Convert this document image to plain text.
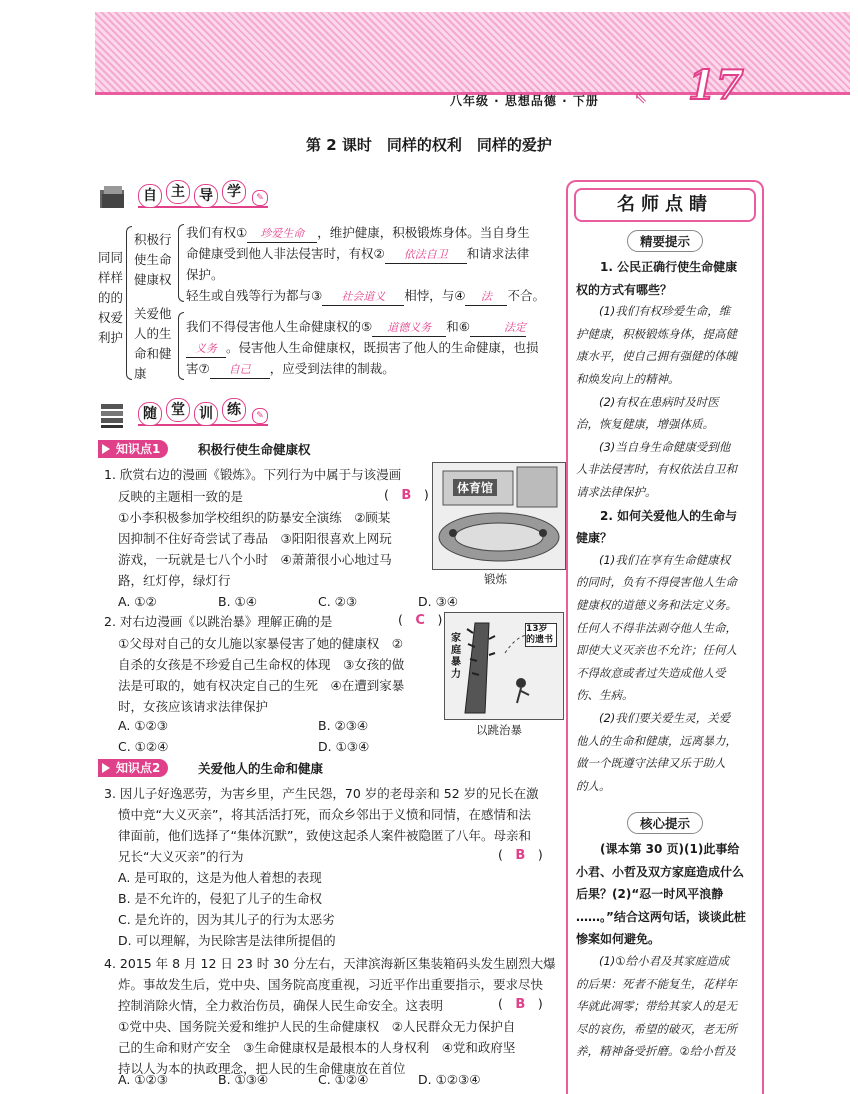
八年级 · 思想品德 · 下册 ⇖ 17
第 2 课时　同样的权利　同样的爱护
自	主	导	学	✎
同同
样样
的的
权爱
利护
积极行
使生命
健康权
关爱他
人的生
命和健
康
我们有权① 珍爱生命 ，维护健康，积极锻炼身体。当自身生
命健康受到他人非法侵害时，有权② 依法自卫 和请求法律
保护。
轻生或自残等行为都与③ 社会道义 相悖，与④ 法 不合。
我们不得侵害他人生命健康权的⑤ 道德义务 和⑥	法定
义务 。侵害他人生命健康权，既损害了他人的生命健康，也损
害⑦ 自己 ，应受到法律的制裁。
随	堂	训	练	✎
知识点1	积极行使生命健康权
1. 欣赏右边的漫画《锻炼》。下列行为中属于与该漫画
反映的主题相一致的是	(　B　)
①小李积极参加学校组织的防暴安全演练　②顾某
因抑制不住好奇尝试了毒品　③阳阳很喜欢上网玩
游戏，一玩就是七八个小时　④萧萧很小心地过马
路，红灯停，绿灯行
A. ①②	B. ①④	C. ②③	D. ③④
体育馆
锻炼
2. 对右边漫画《以跳治暴》理解正确的是	(　C　)
①父母对自己的女儿施以家暴侵害了她的健康权　②
自杀的女孩是不珍爱自己生命权的体现　③女孩的做
法是可取的，她有权决定自己的生死　④在遭到家暴
时，女孩应该请求法律保护
A. ①②③	B. ②③④
C. ①②④	D. ①③④
家庭暴力
13岁的遗书
以跳治暴
知识点2	关爱他人的生命和健康
3. 因儿子好逸恶劳，为害乡里，产生民怨，70 岁的老母亲和 52 岁的兄长在激
愤中竞“大义灭亲”，将其活活打死，而众乡邻出于义愤和同情，在感情和法
律面前，他们选择了“集体沉默”，致使这起杀人案件被隐匿了八年。母亲和
兄长“大义灭亲”的行为	(　B　)
A. 是可取的，这是为他人着想的表现
B. 是不允许的，侵犯了儿子的生命权
C. 是允许的，因为其儿子的行为太恶劣
D. 可以理解，为民除害是法律所提倡的
4. 2015 年 8 月 12 日 23 时 30 分左右，天津滨海新区集装箱码头发生剧烈大爆
炸。事故发生后，党中央、国务院高度重视，习近平作出重要指示，要求尽快
控制消除火情，全力救治伤员，确保人民生命安全。这表明	(　B　)
①党中央、国务院关爱和维护人民的生命健康权　②人民群众无力保护自
己的生命和财产安全　③生命健康权是最根本的人身权利　④党和政府坚
持以人为本的执政理念，把人民的生命健康放在首位
A. ①②③	B. ①③④	C. ①②④	D. ①②③④
名师点睛
精要提示
　　1. 公民正确行使生命健康
权的方式有哪些？
　　(1)我们有权珍爱生命，维
护健康，积极锻炼身体，提高健
康水平，使自己拥有强健的体魄
和焕发向上的精神。
　　(2)有权在患病时及时医
治，恢复健康，增强体质。
　　(3)当自身生命健康受到他
人非法侵害时，有权依法自卫和
请求法律保护。
　　2. 如何关爱他人的生命与
健康？
　　(1)我们在享有生命健康权
的同时，负有不得侵害他人生命
健康权的道德义务和法定义务。
任何人不得非法剥夺他人生命，
即使大义灭亲也不允许；任何人
不得故意或者过失造成他人受
伤、生病。
　　(2)我们要关爱生灵，关爱
他人的生命和健康，远离暴力，
做一个既遵守法律又乐于助人
的人。
核心提示
　　(课本第 30 页)(1)此事给
小君、小哲及双方家庭造成什么
后果？(2)“忍一时风平浪静
……。”结合这两句话，谈谈此桩
惨案如何避免。
　　(1)①给小君及其家庭造成
的后果：死者不能复生，花样年
华就此凋零；带给其家人的是无
尽的哀伤，希望的破灭，老无所
养，精神备受折磨。②给小哲及
